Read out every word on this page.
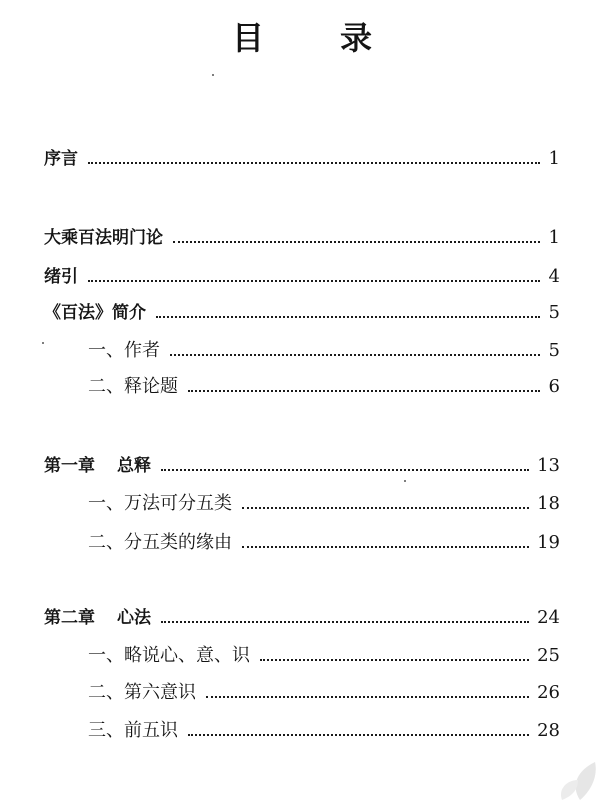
目 录
序言	1
大乘百法明门论	1
绪引	4
《百法》简介	5
一、作者	5
二、释论题	6
第一章 总释	13
一、万法可分五类	18
二、分五类的缘由	19
第二章 心法	24
一、略说心、意、识	25
二、第六意识	26
三、前五识	28
